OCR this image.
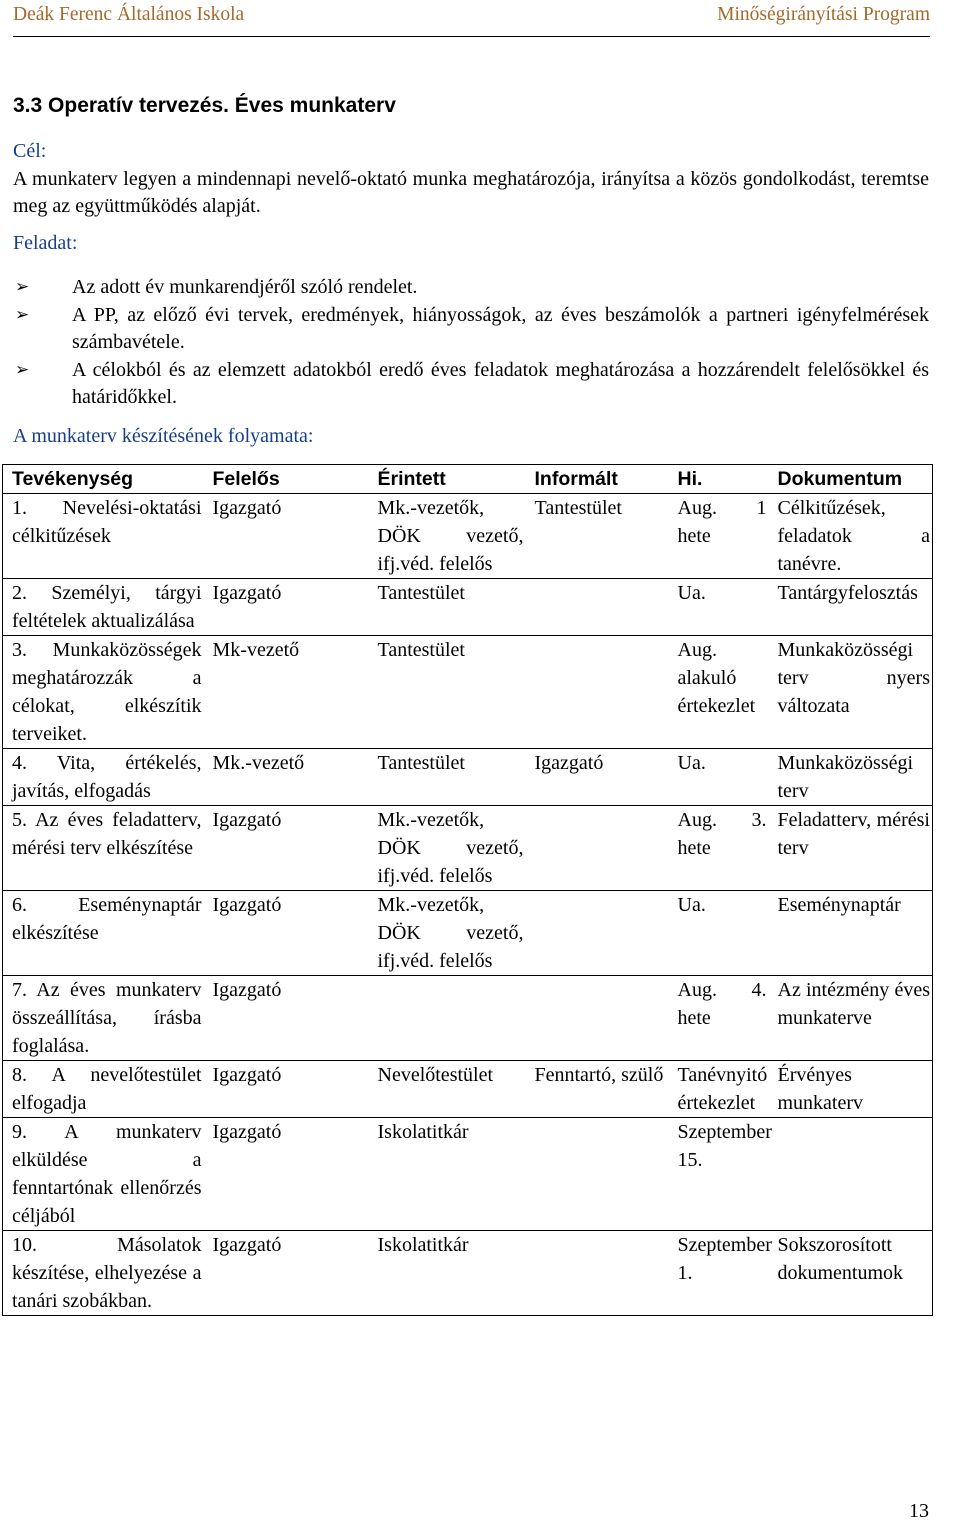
Deák Ferenc Általános Iskola	Minőségirányítási Program
3.3 Operatív tervezés. Éves munkaterv
Cél:
A munkaterv legyen a mindennapi nevelő-oktató munka meghatározója, irányítsa a közös gondolkodást, teremtse meg az együttműködés alapját.
Feladat:
➢ Az adott év munkarendjéről szóló rendelet.
➢ A PP, az előző évi tervek, eredmények, hiányosságok, az éves beszámolók a partneri igényfelmérések számbavétele.
➢ A célokból és az elemzett adatokból eredő éves feladatok meghatározása a hozzárendelt felelősökkel és határidőkkel.
A munkaterv készítésének folyamata:
Tevékenység	Felelős	Érintett	Informált	Hi.	Dokumentum
1. Nevelési-oktatási célkitűzések	Igazgató	Mk.-vezetők, DÖK vezető, ifj.véd. felelős	Tantestület	Aug. 1 hete	Célkitűzések, feladatok a tanévre.
2. Személyi, tárgyi feltételek aktualizálása	Igazgató	Tantestület		Ua.	Tantárgyfelosztás
3. Munkaközösségek meghatározzák a célokat, elkészítik terveiket.	Mk-vezető	Tantestület		Aug. alakuló értekezlet	Munkaközösségi terv nyers változata
4. Vita, értékelés, javítás, elfogadás	Mk.-vezető	Tantestület	Igazgató	Ua.	Munkaközösségi terv
5. Az éves feladatterv, mérési terv elkészítése	Igazgató	Mk.-vezetők, DÖK vezető, ifj.véd. felelős		Aug. 3. hete	Feladatterv, mérési terv
6. Eseménynaptár elkészítése	Igazgató	Mk.-vezetők, DÖK vezető, ifj.véd. felelős		Ua.	Eseménynaptár
7. Az éves munkaterv összeállítása, írásba foglalása.	Igazgató			Aug. 4. hete	Az intézmény éves munkaterve
8. A nevelőtestület elfogadja	Igazgató	Nevelőtestület	Fenntartó, szülő	Tanévnyitó értekezlet	Érvényes munkaterv
9. A munkaterv elküldése a fenntartónak ellenőrzés céljából	Igazgató	Iskolatitkár		Szeptember 15.	
10. Másolatok készítése, elhelyezése a tanári szobákban.	Igazgató	Iskolatitkár		Szeptember 1.	Sokszorosított dokumentumok
13
